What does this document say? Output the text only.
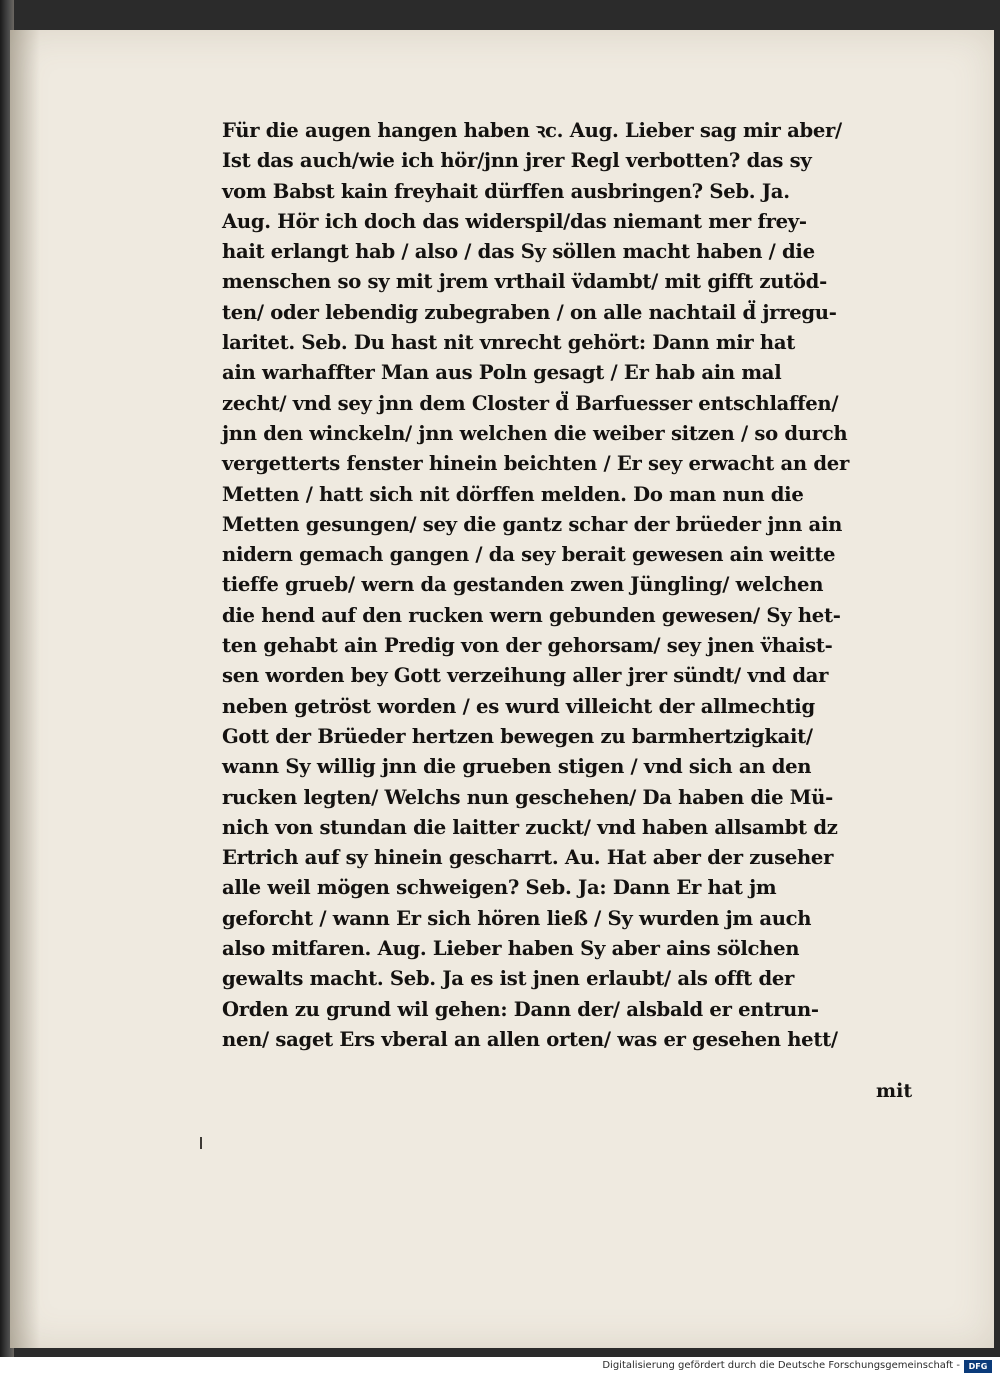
Für die augen hangen haben ꝛc. Aug. Lieber sag mir aber/
Ist das auch/wie ich hör/jnn jrer Regl verbotten? das sy
vom Babst kain freyhait dürffen ausbringen? Seb. Ja.
Aug. Hör ich doch das widerspil/das niemant mer frey-
hait erlangt hab / also / das Sy söllen macht haben / die
menschen so sy mit jrem vrthail v̈dambt/ mit gifft zutöd-
ten/ oder lebendig zubegraben / on alle nachtail d̈ jrregu-
laritet. Seb. Du hast nit vnrecht gehört: Dann mir hat
ain warhaffter Man aus Poln gesagt / Er hab ain mal
zecht/ vnd sey jnn dem Closter d̈ Barfuesser entschlaffen/
jnn den winckeln/ jnn welchen die weiber sitzen / so durch
vergetterts fenster hinein beichten / Er sey erwacht an der
Metten / hatt sich nit dörffen melden. Do man nun die
Metten gesungen/ sey die gantz schar der brüeder jnn ain
nidern gemach gangen / da sey berait gewesen ain weitte
tieffe grueb/ wern da gestanden zwen Jüngling/ welchen
die hend auf den rucken wern gebunden gewesen/ Sy het-
ten gehabt ain Predig von der gehorsam/ sey jnen v̈haist-
sen worden bey Gott verzeihung aller jrer sündt/ vnd dar
neben getröst worden / es wurd villeicht der allmechtig
Gott der Brüeder hertzen bewegen zu barmhertzigkait/
wann Sy willig jnn die grueben stigen / vnd sich an den
rucken legten/ Welchs nun geschehen/ Da haben die Mü-
nich von stundan die laitter zuckt/ vnd haben allsambt dz
Ertrich auf sy hinein gescharrt. Au. Hat aber der zuseher
alle weil mögen schweigen? Seb. Ja: Dann Er hat jm
geforcht / wann Er sich hören ließ / Sy wurden jm auch
also mitfaren. Aug. Lieber haben Sy aber ains sölchen
gewalts macht. Seb. Ja es ist jnen erlaubt/ als offt der
Orden zu grund wil gehen: Dann der/ alsbald er entrun-
nen/ saget Ers vberal an allen orten/ was er gesehen hett/
mit
Digitalisierung gefördert durch die Deutsche Forschungsgemeinschaft -	DFG
